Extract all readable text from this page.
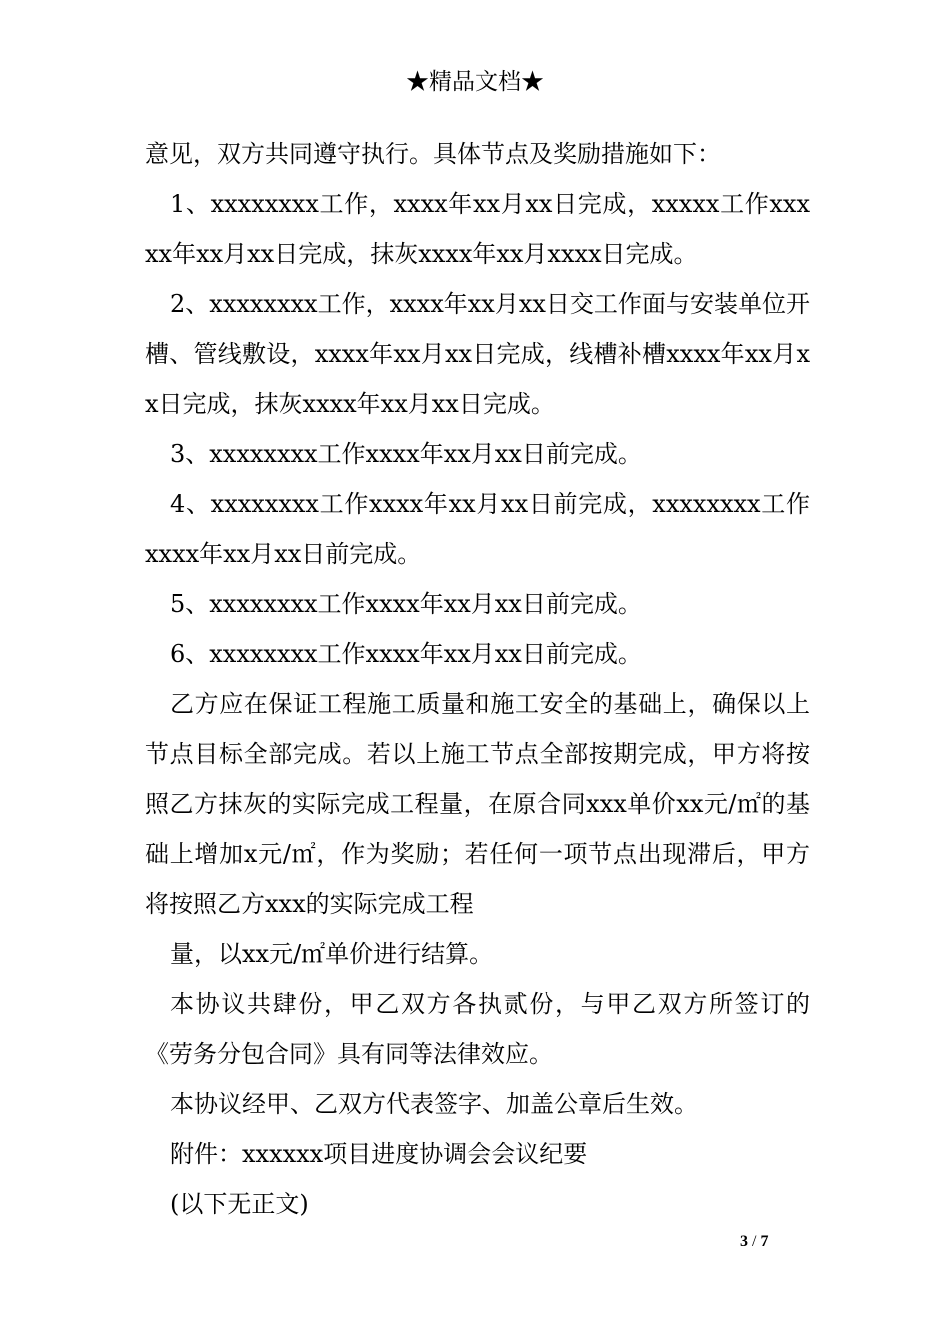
★精品文档★

意见，双方共同遵守执行。具体节点及奖励措施如下：

1、xxxxxxxx工作，xxxx年xx月xx日完成，xxxxx工作xxxxx年xx月xx日完成，抹灰xxxx年xx月xxxx日完成。

2、xxxxxxxx工作，xxxx年xx月xx日交工作面与安装单位开槽、管线敷设，xxxx年xx月xx日完成，线槽补槽xxxx年xx月xx日完成，抹灰xxxx年xx月xx日完成。

3、xxxxxxxx工作xxxx年xx月xx日前完成。

4、xxxxxxxx工作xxxx年xx月xx日前完成，xxxxxxxx工作xxxx年xx月xx日前完成。

5、xxxxxxxx工作xxxx年xx月xx日前完成。

6、xxxxxxxx工作xxxx年xx月xx日前完成。

乙方应在保证工程施工质量和施工安全的基础上，确保以上节点目标全部完成。若以上施工节点全部按期完成，甲方将按照乙方抹灰的实际完成工程量，在原合同xxx单价xx元/㎡的基础上增加x元/㎡，作为奖励；若任何一项节点出现滞后，甲方将按照乙方xxx的实际完成工程

量，以xx元/㎡单价进行结算。

本协议共肆份，甲乙双方各执贰份，与甲乙双方所签订的《劳务分包合同》具有同等法律效应。

本协议经甲、乙双方代表签字、加盖公章后生效。

附件：xxxxxx项目进度协调会会议纪要

(以下无正文)

3 / 7
